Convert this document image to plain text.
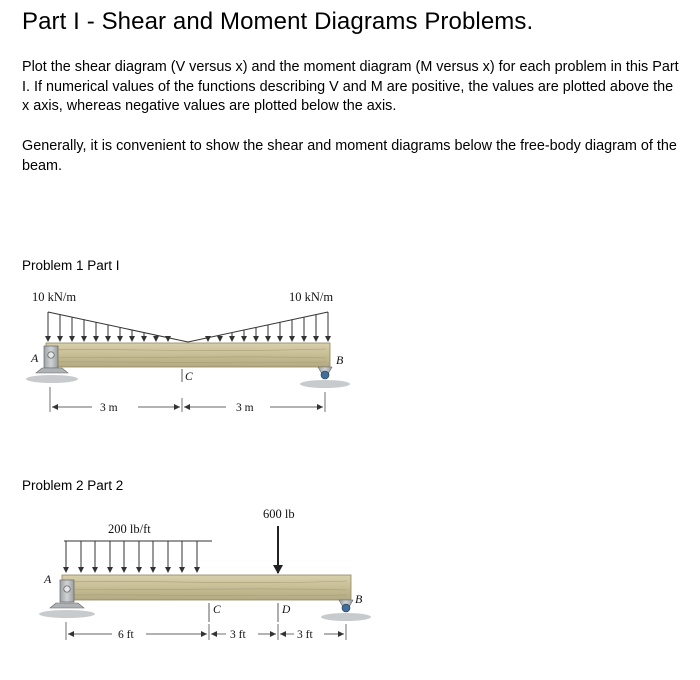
Part I - Shear and Moment Diagrams Problems.
Plot the shear diagram (V versus x) and the moment diagram (M versus x) for each problem in this Part I. If numerical values of the functions describing V and M are positive, the values are plotted above the x axis, whereas negative values are plotted below the axis.
Generally, it is convenient to show the shear and moment diagrams below the free-body diagram of the beam.
Problem 1 Part I
Problem 2 Part 2
10 kN/m	10 kN/m
A	B
C
3 m	3 m
200 lb/ft
600 lb
A
B
C	D
6 ft	3 ft	3 ft
